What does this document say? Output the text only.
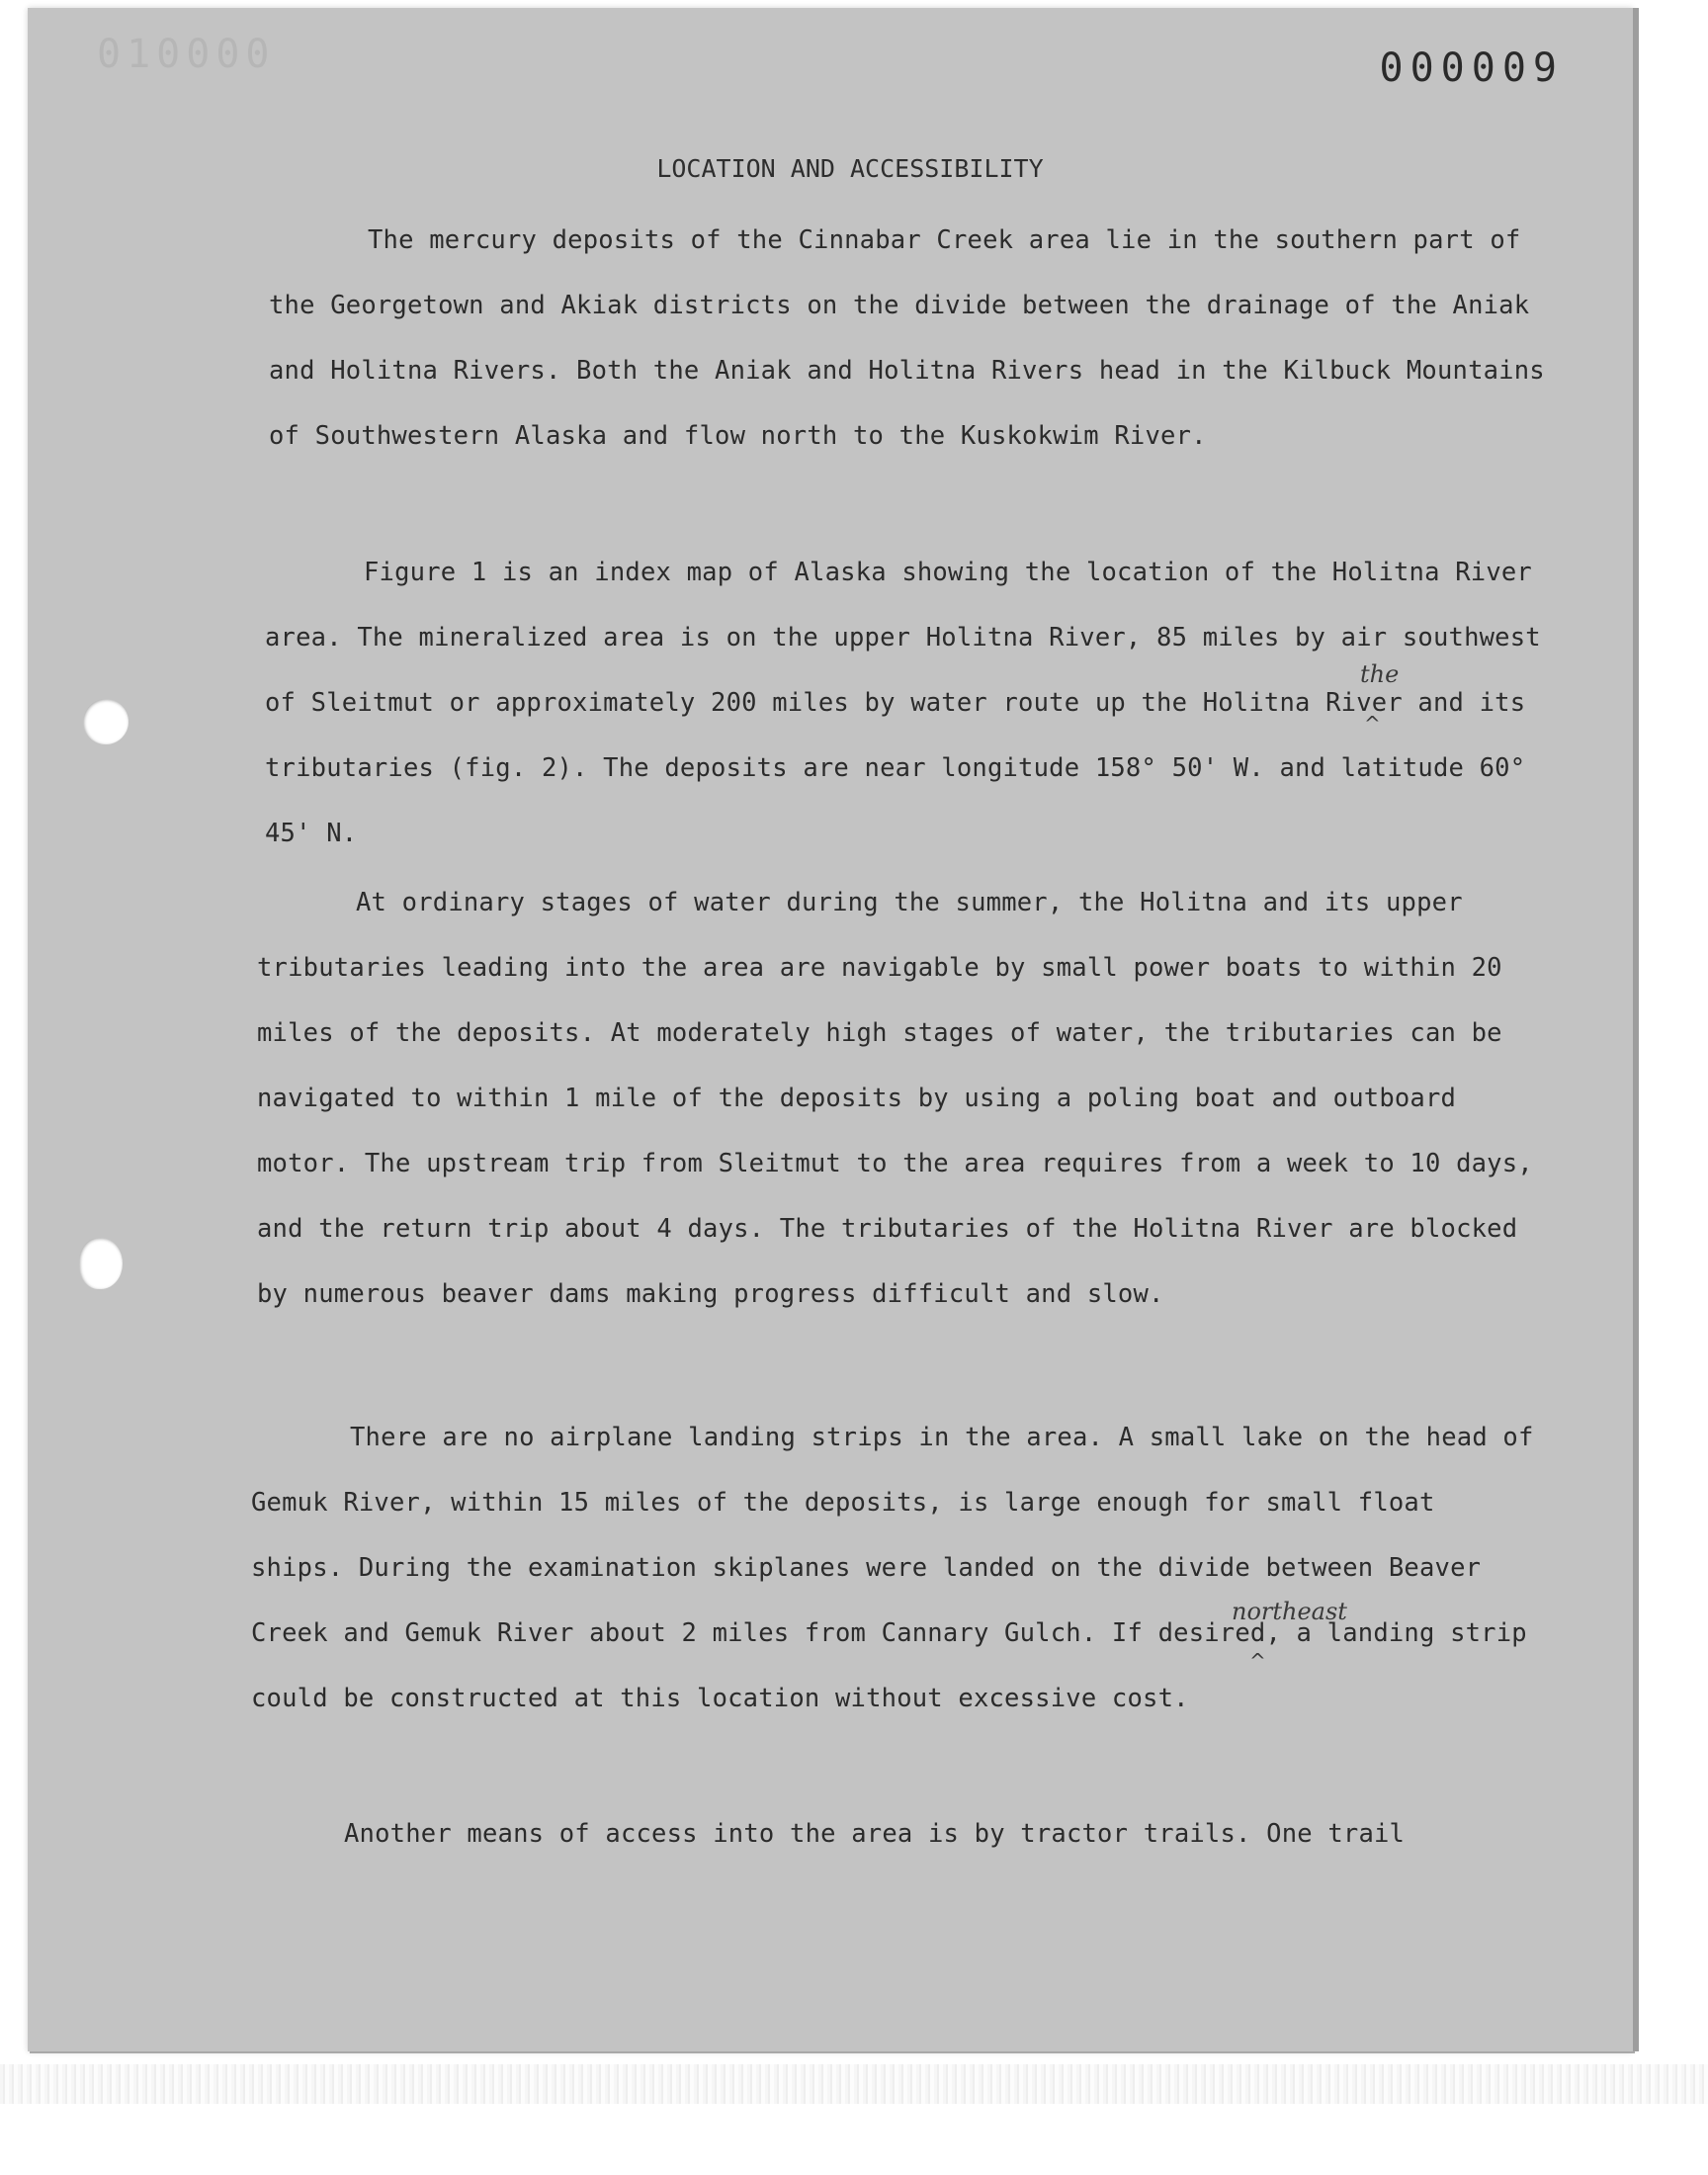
010000	000009
LOCATION AND ACCESSIBILITY

The mercury deposits of the Cinnabar Creek area lie in the southern part of the Georgetown and Akiak districts on the divide between the drainage of the Aniak and Holitna Rivers. Both the Aniak and Holitna Rivers head in the Kilbuck Mountains of Southwestern Alaska and flow north to the Kuskokwim River.

Figure 1 is an index map of Alaska showing the location of the Holitna River area. The mineralized area is on the upper Holitna River, 85 miles by air southwest of Sleitmut or approximately 200 miles by water route up the Holitna River and its tributaries (fig. 2). The deposits are near longitude 158° 50' W. and latitude 60° 45' N.

At ordinary stages of water during the summer, the Holitna and its upper tributaries leading into the area are navigable by small power boats to within 20 miles of the deposits. At moderately high stages of water, the tributaries can be navigated to within 1 mile of the deposits by using a poling boat and outboard motor. The upstream trip from Sleitmut to the area requires from a week to 10 days, and the return trip about 4 days. The tributaries of the Holitna River are blocked by numerous beaver dams making progress difficult and slow.

There are no airplane landing strips in the area. A small lake on the head of Gemuk River, within 15 miles of the deposits, is large enough for small float ships. During the examination skiplanes were landed on the divide between Beaver Creek and Gemuk River about 2 miles from Cannary Gulch. If desired, a landing strip could be constructed at this location without excessive cost.

Another means of access into the area is by tractor trails. One trail

the
^
northeast
^
